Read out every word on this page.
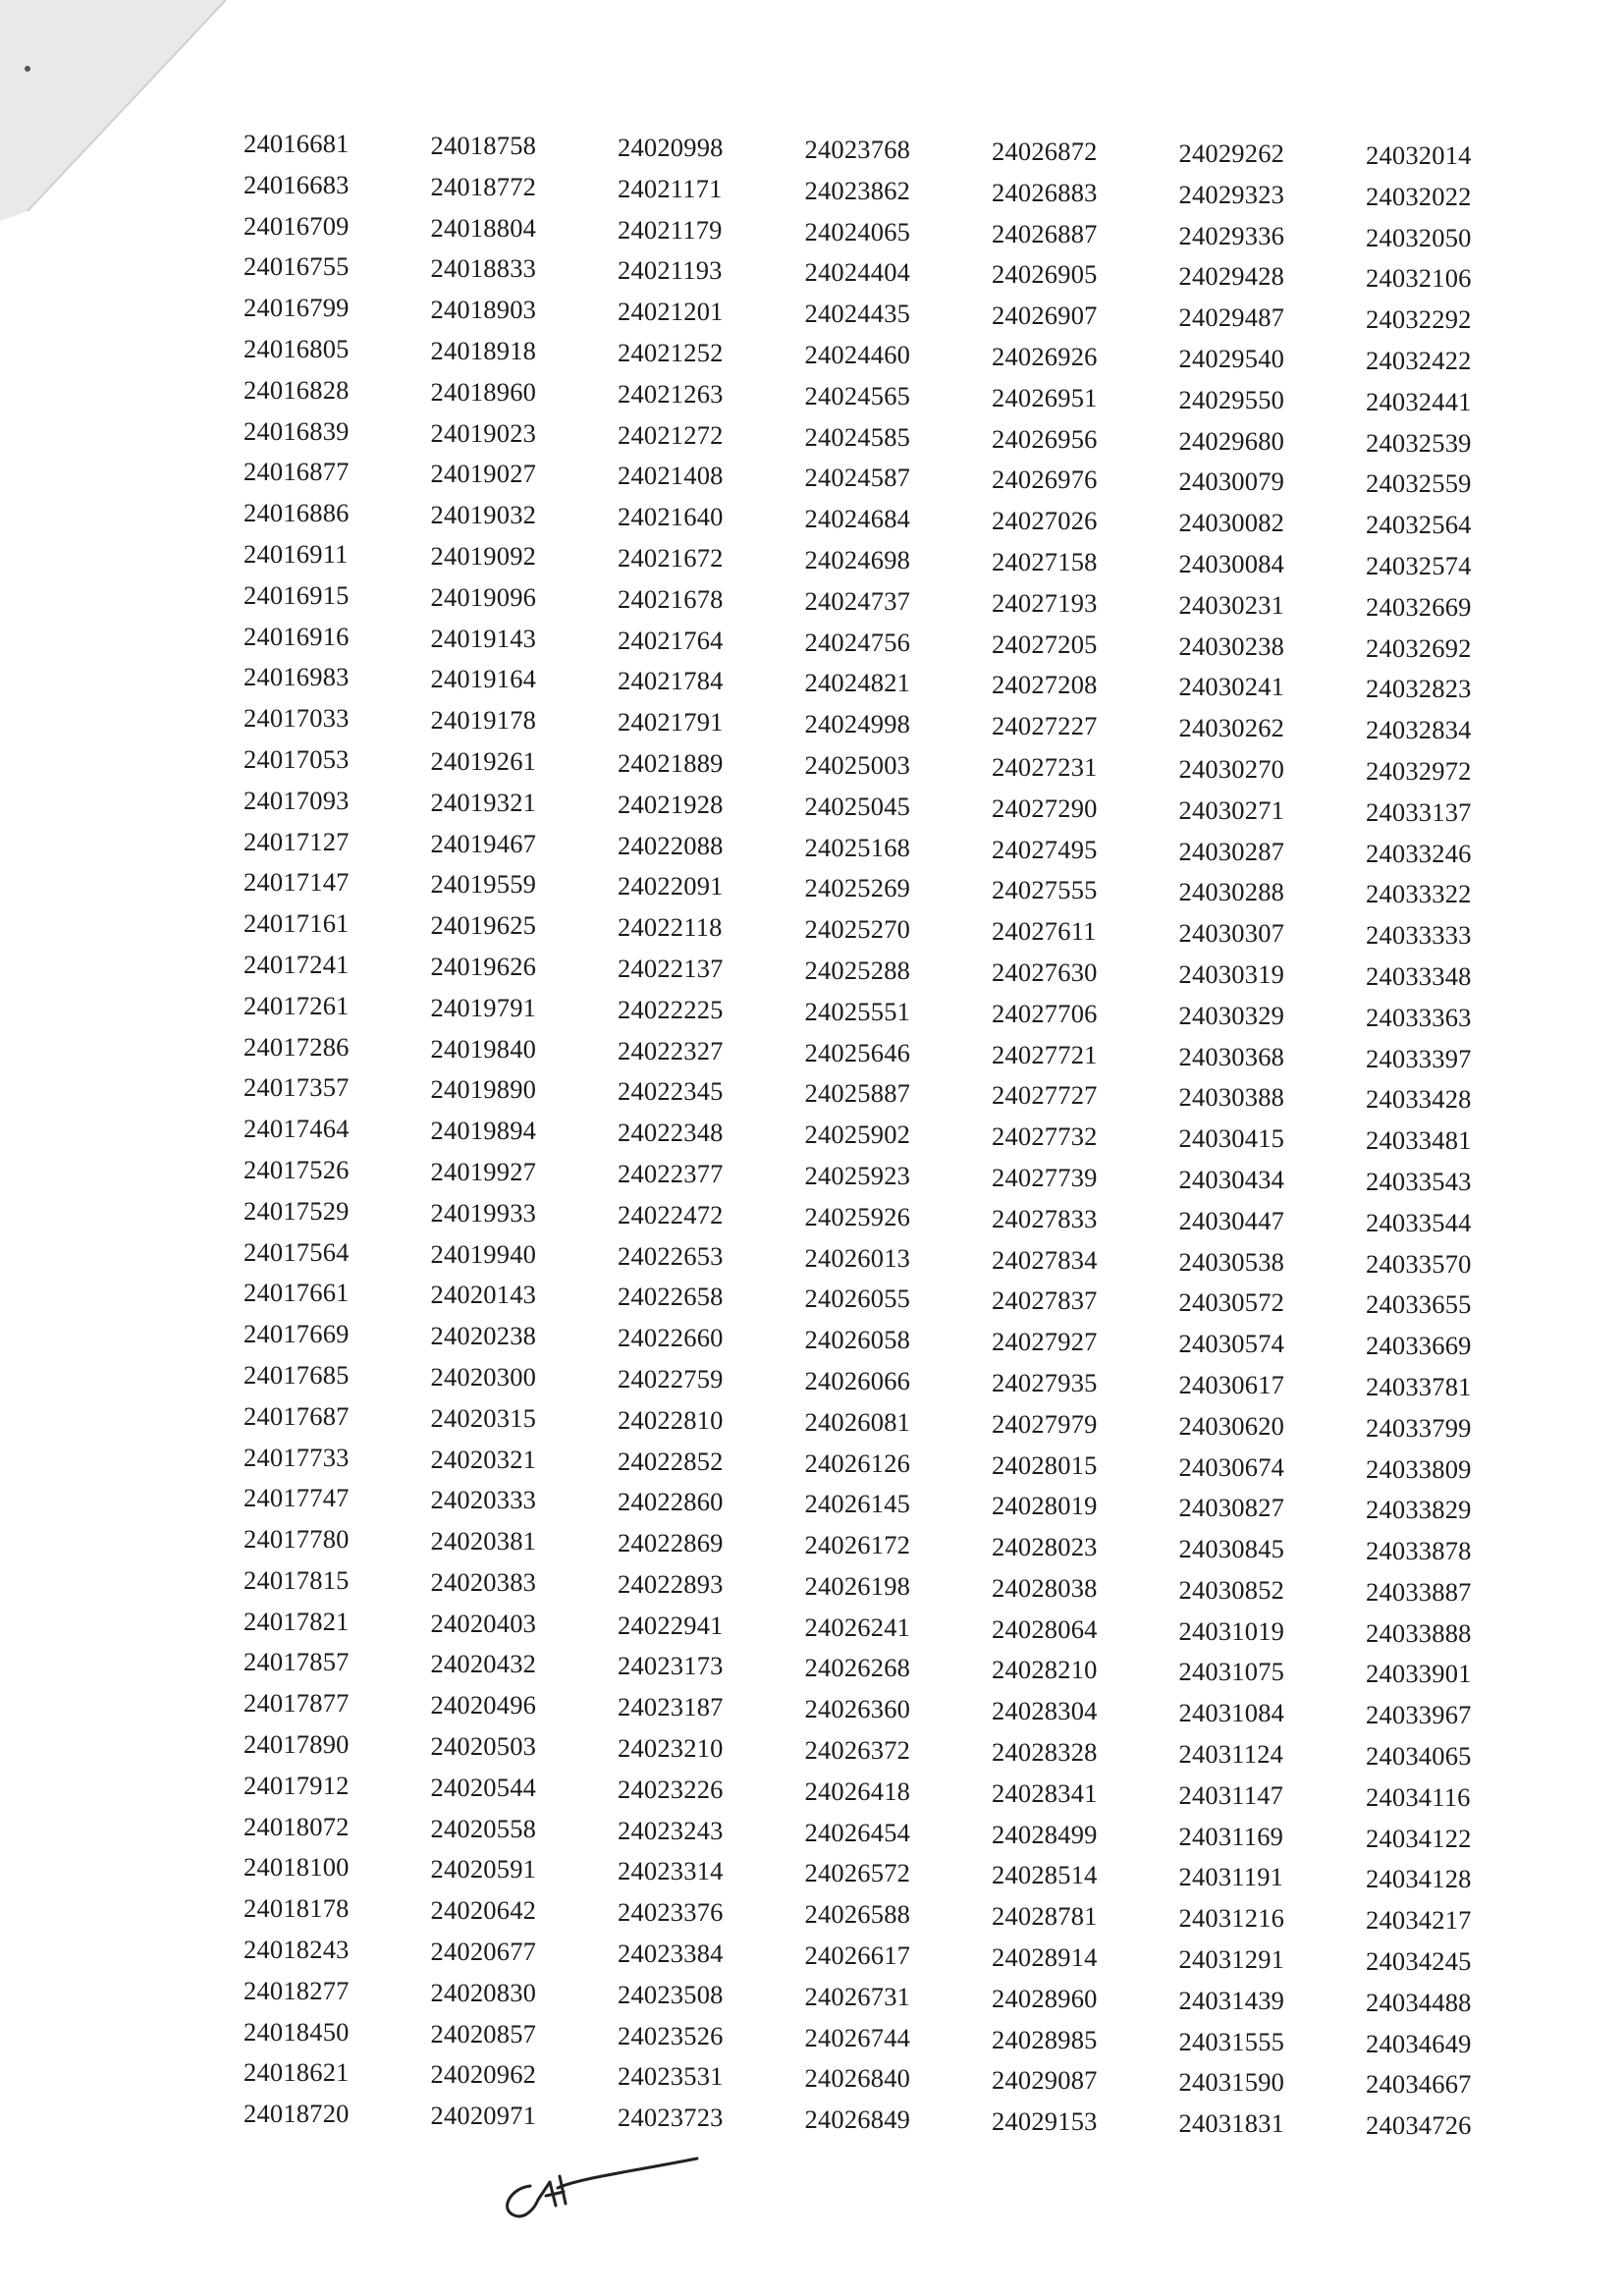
24016681
24016683
24016709
24016755
24016799
24016805
24016828
24016839
24016877
24016886
24016911
24016915
24016916
24016983
24017033
24017053
24017093
24017127
24017147
24017161
24017241
24017261
24017286
24017357
24017464
24017526
24017529
24017564
24017661
24017669
24017685
24017687
24017733
24017747
24017780
24017815
24017821
24017857
24017877
24017890
24017912
24018072
24018100
24018178
24018243
24018277
24018450
24018621
24018720
24018758
24018772
24018804
24018833
24018903
24018918
24018960
24019023
24019027
24019032
24019092
24019096
24019143
24019164
24019178
24019261
24019321
24019467
24019559
24019625
24019626
24019791
24019840
24019890
24019894
24019927
24019933
24019940
24020143
24020238
24020300
24020315
24020321
24020333
24020381
24020383
24020403
24020432
24020496
24020503
24020544
24020558
24020591
24020642
24020677
24020830
24020857
24020962
24020971
24020998
24021171
24021179
24021193
24021201
24021252
24021263
24021272
24021408
24021640
24021672
24021678
24021764
24021784
24021791
24021889
24021928
24022088
24022091
24022118
24022137
24022225
24022327
24022345
24022348
24022377
24022472
24022653
24022658
24022660
24022759
24022810
24022852
24022860
24022869
24022893
24022941
24023173
24023187
24023210
24023226
24023243
24023314
24023376
24023384
24023508
24023526
24023531
24023723
24023768
24023862
24024065
24024404
24024435
24024460
24024565
24024585
24024587
24024684
24024698
24024737
24024756
24024821
24024998
24025003
24025045
24025168
24025269
24025270
24025288
24025551
24025646
24025887
24025902
24025923
24025926
24026013
24026055
24026058
24026066
24026081
24026126
24026145
24026172
24026198
24026241
24026268
24026360
24026372
24026418
24026454
24026572
24026588
24026617
24026731
24026744
24026840
24026849
24026872
24026883
24026887
24026905
24026907
24026926
24026951
24026956
24026976
24027026
24027158
24027193
24027205
24027208
24027227
24027231
24027290
24027495
24027555
24027611
24027630
24027706
24027721
24027727
24027732
24027739
24027833
24027834
24027837
24027927
24027935
24027979
24028015
24028019
24028023
24028038
24028064
24028210
24028304
24028328
24028341
24028499
24028514
24028781
24028914
24028960
24028985
24029087
24029153
24029262
24029323
24029336
24029428
24029487
24029540
24029550
24029680
24030079
24030082
24030084
24030231
24030238
24030241
24030262
24030270
24030271
24030287
24030288
24030307
24030319
24030329
24030368
24030388
24030415
24030434
24030447
24030538
24030572
24030574
24030617
24030620
24030674
24030827
24030845
24030852
24031019
24031075
24031084
24031124
24031147
24031169
24031191
24031216
24031291
24031439
24031555
24031590
24031831
24032014
24032022
24032050
24032106
24032292
24032422
24032441
24032539
24032559
24032564
24032574
24032669
24032692
24032823
24032834
24032972
24033137
24033246
24033322
24033333
24033348
24033363
24033397
24033428
24033481
24033543
24033544
24033570
24033655
24033669
24033781
24033799
24033809
24033829
24033878
24033887
24033888
24033901
24033967
24034065
24034116
24034122
24034128
24034217
24034245
24034488
24034649
24034667
24034726
